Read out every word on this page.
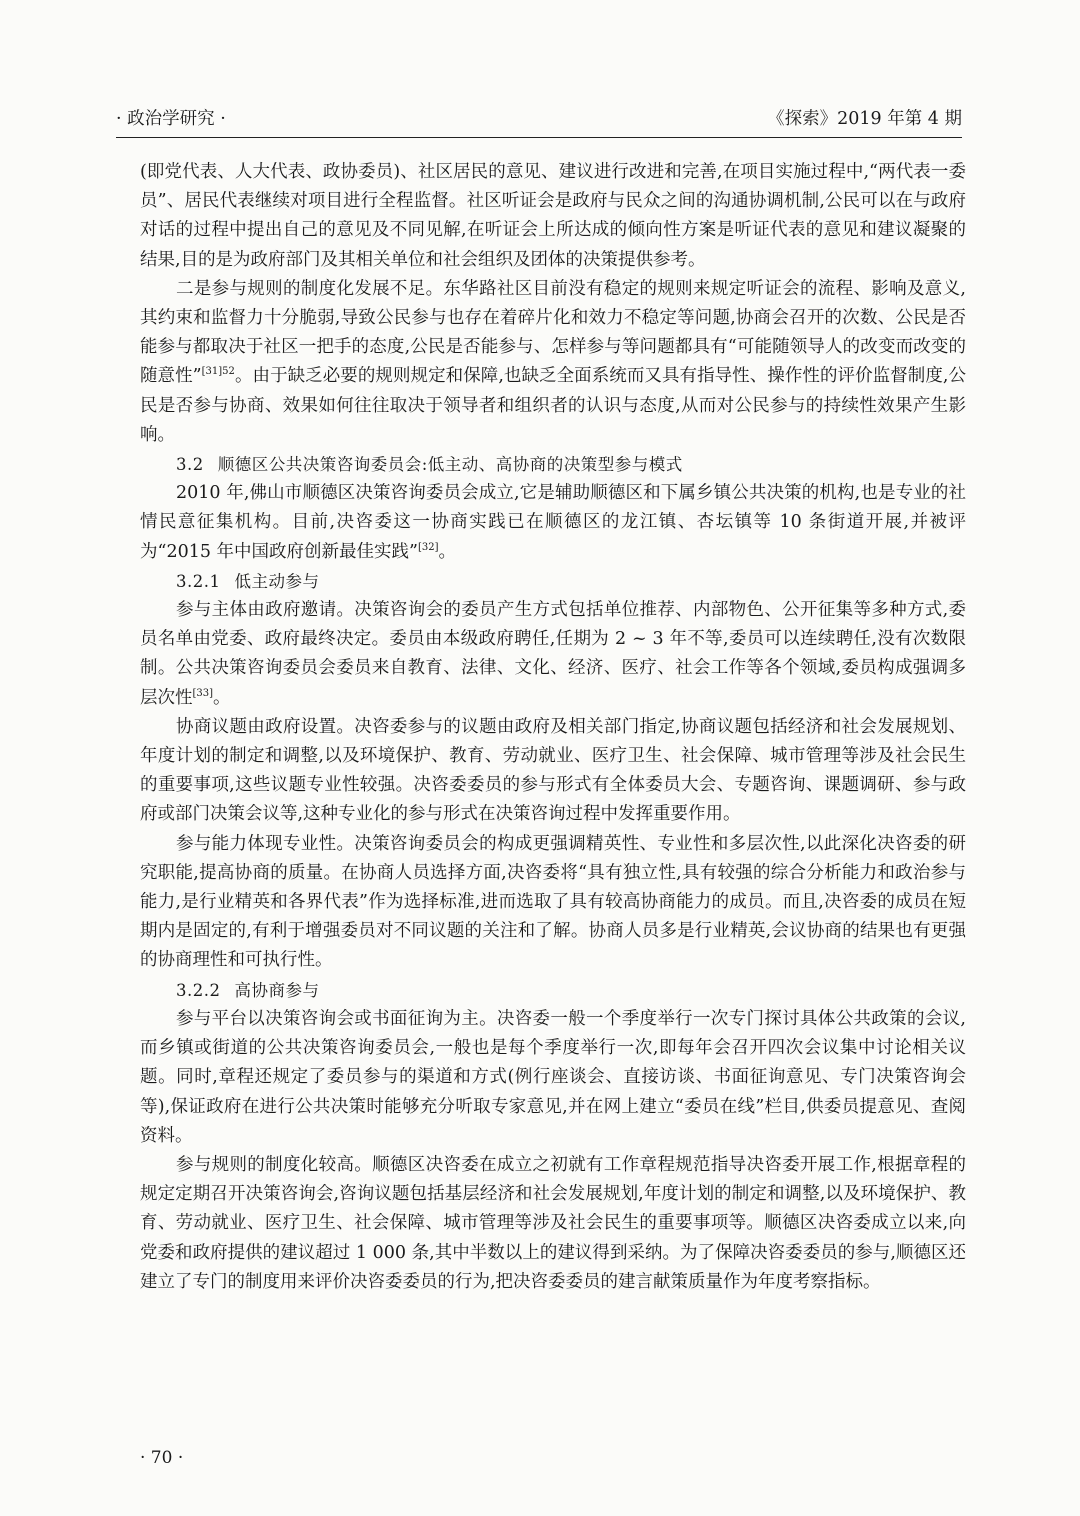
· 政治学研究 ·	《探索》2019 年第 4 期

(即党代表、人大代表、政协委员)、社区居民的意见、建议进行改进和完善,在项目实施过程中,“两代表一委员”、居民代表继续对项目进行全程监督。社区听证会是政府与民众之间的沟通协调机制,公民可以在与政府对话的过程中提出自己的意见及不同见解,在听证会上所达成的倾向性方案是听证代表的意见和建议凝聚的结果,目的是为政府部门及其相关单位和社会组织及团体的决策提供参考。

二是参与规则的制度化发展不足。东华路社区目前没有稳定的规则来规定听证会的流程、影响及意义,其约束和监督力十分脆弱,导致公民参与也存在着碎片化和效力不稳定等问题,协商会召开的次数、公民是否能参与都取决于社区一把手的态度,公民是否能参与、怎样参与等问题都具有“可能随领导人的改变而改变的随意性”$^{[31]52}$。由于缺乏必要的规则规定和保障,也缺乏全面系统而又具有指导性、操作性的评价监督制度,公民是否参与协商、效果如何往往取决于领导者和组织者的认识与态度,从而对公民参与的持续性效果产生影响。

3.2 顺德区公共决策咨询委员会:低主动、高协商的决策型参与模式

2010 年,佛山市顺德区决策咨询委员会成立,它是辅助顺德区和下属乡镇公共决策的机构,也是专业的社情民意征集机构。目前,决咨委这一协商实践已在顺德区的龙江镇、杏坛镇等 10 条街道开展,并被评为“2015 年中国政府创新最佳实践”[32]。

3.2.1 低主动参与

参与主体由政府邀请。决策咨询会的委员产生方式包括单位推荐、内部物色、公开征集等多种方式,委员名单由党委、政府最终决定。委员由本级政府聘任,任期为 2 ~ 3 年不等,委员可以连续聘任,没有次数限制。公共决策咨询委员会委员来自教育、法律、文化、经济、医疗、社会工作等各个领域,委员构成强调多层次性[33]。

协商议题由政府设置。决咨委参与的议题由政府及相关部门指定,协商议题包括经济和社会发展规划、年度计划的制定和调整,以及环境保护、教育、劳动就业、医疗卫生、社会保障、城市管理等涉及社会民生的重要事项,这些议题专业性较强。决咨委委员的参与形式有全体委员大会、专题咨询、课题调研、参与政府或部门决策会议等,这种专业化的参与形式在决策咨询过程中发挥重要作用。

参与能力体现专业性。决策咨询委员会的构成更强调精英性、专业性和多层次性,以此深化决咨委的研究职能,提高协商的质量。在协商人员选择方面,决咨委将“具有独立性,具有较强的综合分析能力和政治参与能力,是行业精英和各界代表”作为选择标准,进而选取了具有较高协商能力的成员。而且,决咨委的成员在短期内是固定的,有利于增强委员对不同议题的关注和了解。协商人员多是行业精英,会议协商的结果也有更强的协商理性和可执行性。

3.2.2 高协商参与

参与平台以决策咨询会或书面征询为主。决咨委一般一个季度举行一次专门探讨具体公共政策的会议,而乡镇或街道的公共决策咨询委员会,一般也是每个季度举行一次,即每年会召开四次会议集中讨论相关议题。同时,章程还规定了委员参与的渠道和方式(例行座谈会、直接访谈、书面征询意见、专门决策咨询会等),保证政府在进行公共决策时能够充分听取专家意见,并在网上建立“委员在线”栏目,供委员提意见、查阅资料。

参与规则的制度化较高。顺德区决咨委在成立之初就有工作章程规范指导决咨委开展工作,根据章程的规定定期召开决策咨询会,咨询议题包括基层经济和社会发展规划,年度计划的制定和调整,以及环境保护、教育、劳动就业、医疗卫生、社会保障、城市管理等涉及社会民生的重要事项等。顺德区决咨委成立以来,向党委和政府提供的建议超过 1 000 条,其中半数以上的建议得到采纳。为了保障决咨委委员的参与,顺德区还建立了专门的制度用来评价决咨委委员的行为,把决咨委委员的建言献策质量作为年度考察指标。

· 70 ·
